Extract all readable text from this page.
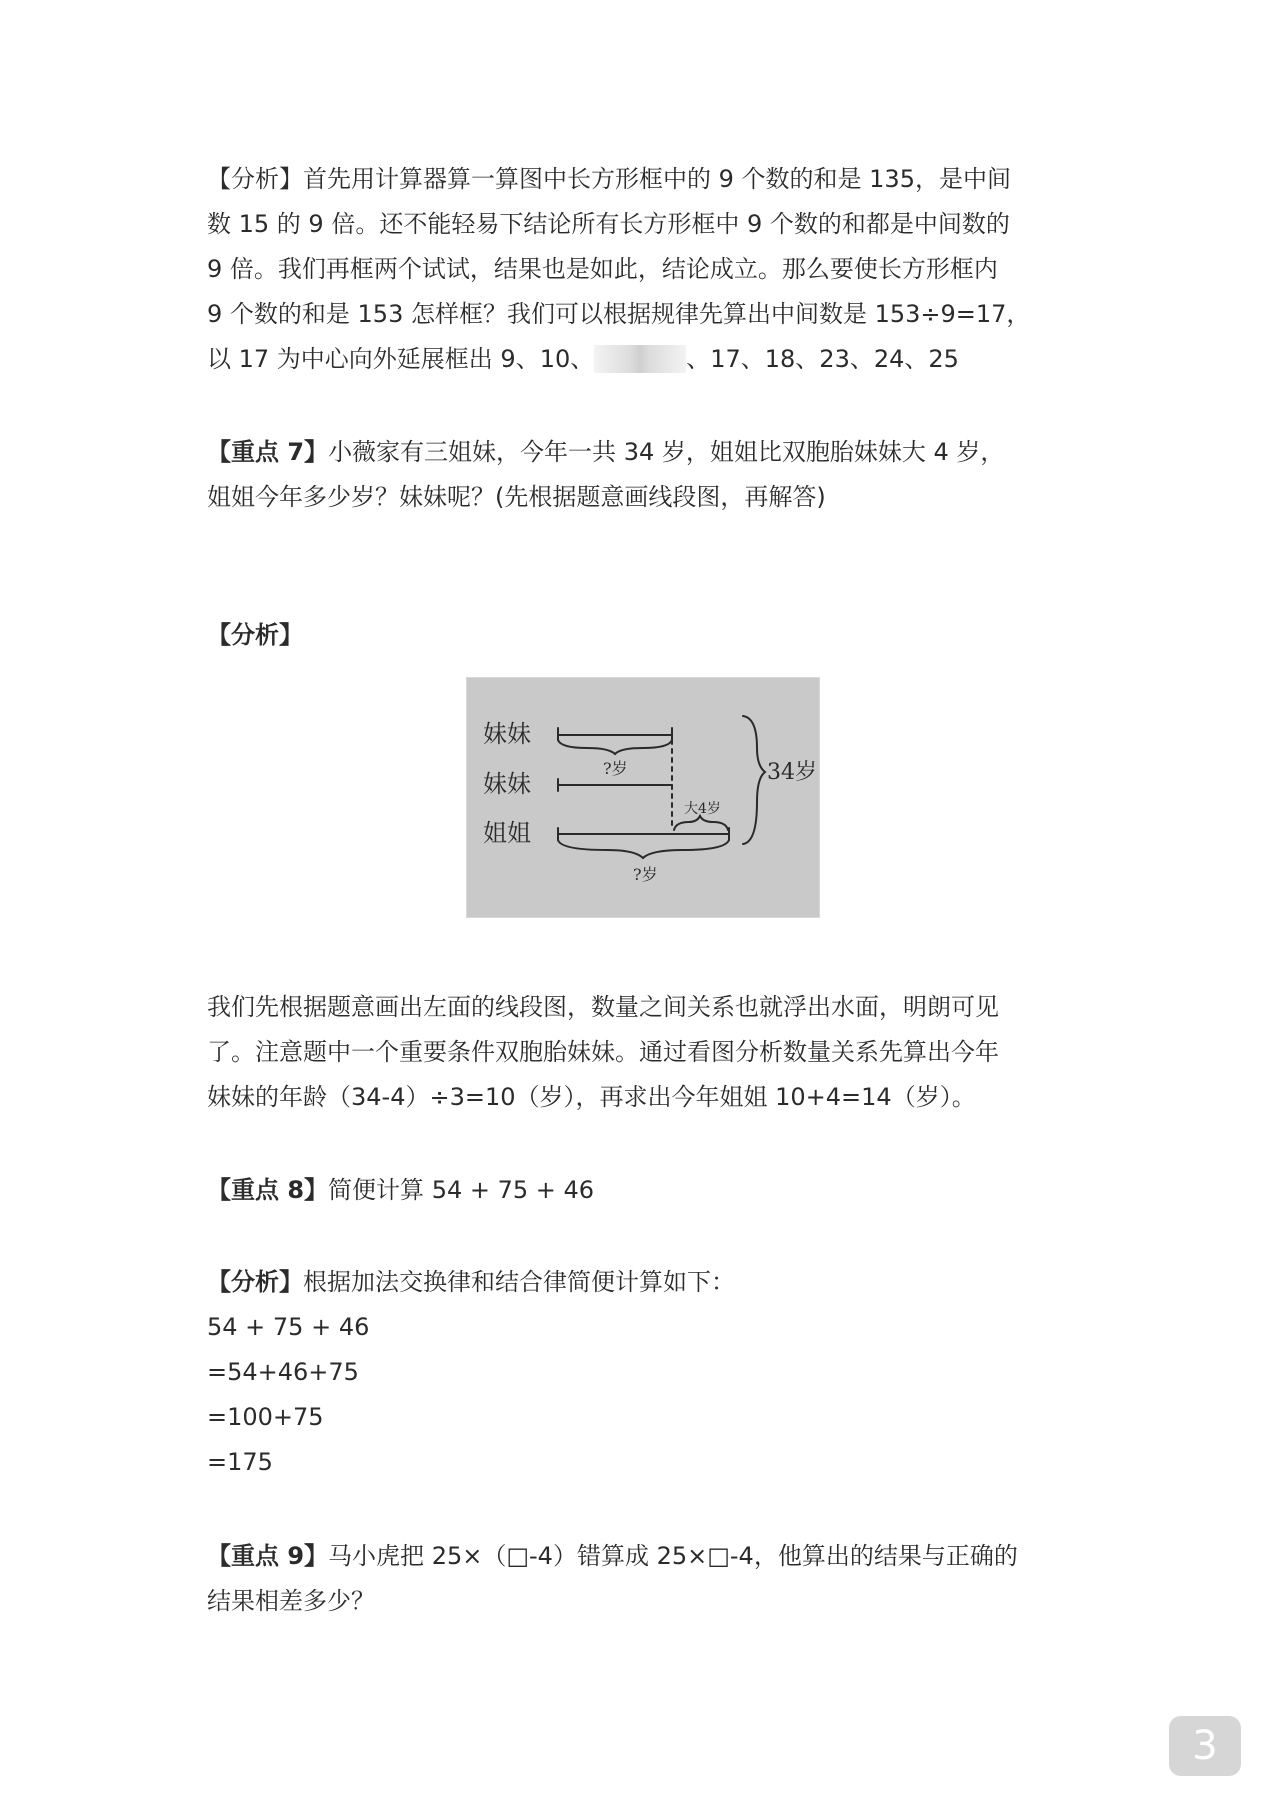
【分析】首先用计算器算一算图中长方形框中的 9 个数的和是 135，是中间
数 15 的 9 倍。还不能轻易下结论所有长方形框中 9 个数的和都是中间数的
9 倍。我们再框两个试试，结果也是如此，结论成立。那么要使长方形框内
9 个数的和是 153 怎样框？我们可以根据规律先算出中间数是 153÷9=17，
以 17 为中心向外延展框出 9、10、	、17、18、23、24、25
【重点 7】小薇家有三姐妹，今年一共 34 岁，姐姐比双胞胎妹妹大 4 岁，
姐姐今年多少岁？妹妹呢？(先根据题意画线段图，再解答)
【分析】
妹妹
妹妹
姐姐
?岁
大4岁
?岁
34岁
我们先根据题意画出左面的线段图，数量之间关系也就浮出水面，明朗可见
了。注意题中一个重要条件双胞胎妹妹。通过看图分析数量关系先算出今年
妹妹的年龄（34-4）÷3=10（岁），再求出今年姐姐 10+4=14（岁）。
【重点 8】简便计算 54 + 75 + 46
【分析】根据加法交换律和结合律简便计算如下：
54 + 75 + 46
=54+46+75
=100+75
=175
【重点 9】马小虎把 25×（□-4）错算成 25×□-4，他算出的结果与正确的
结果相差多少？
3
